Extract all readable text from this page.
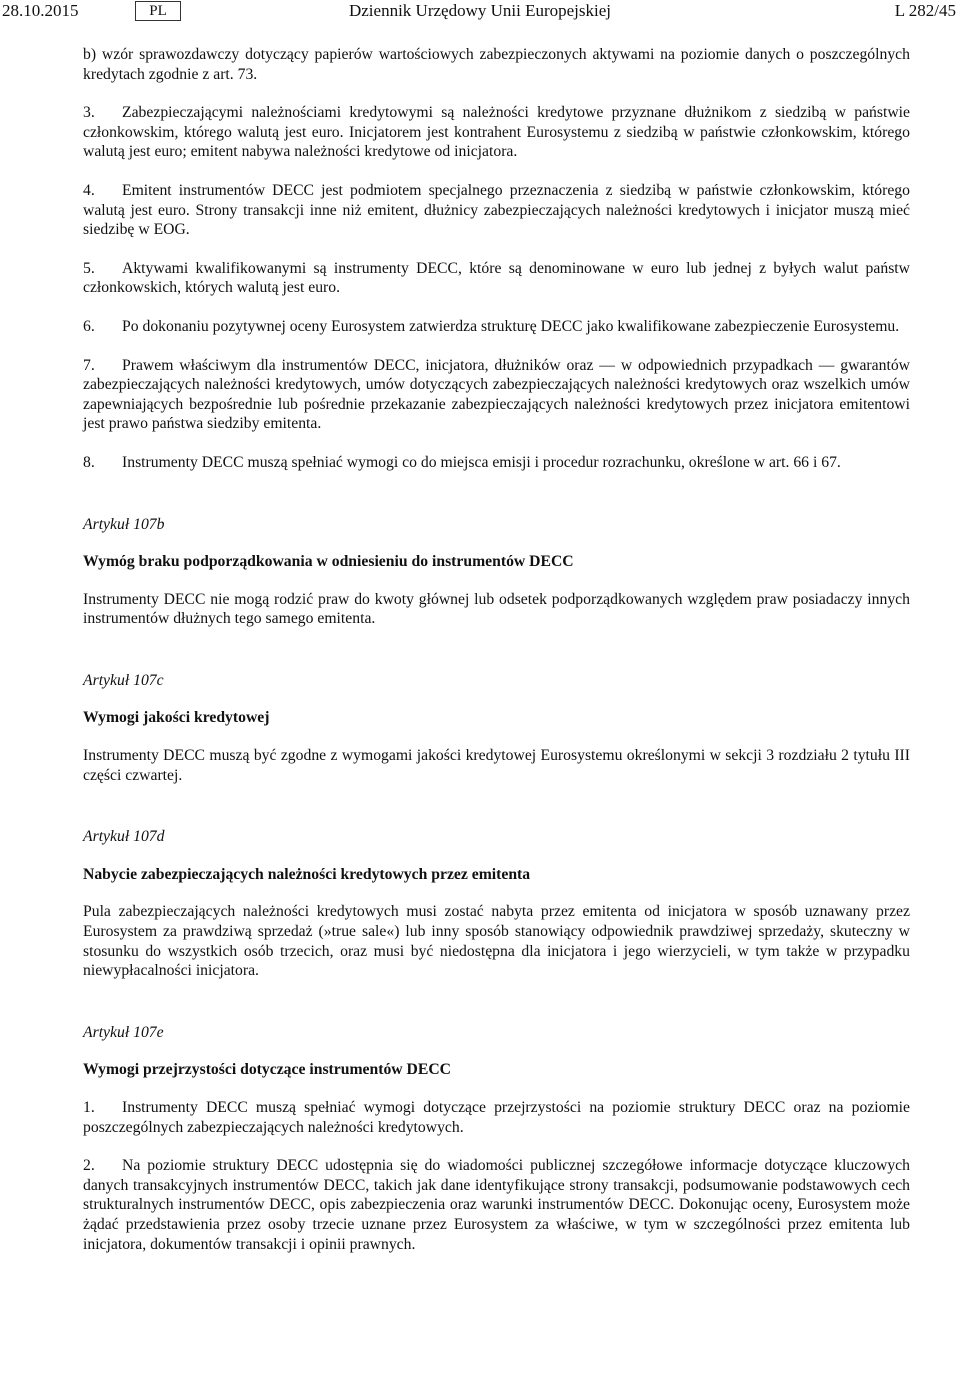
28.10.2015	PL	Dziennik Urzędowy Unii Europejskiej	L 282/45

b) wzór sprawozdawczy dotyczący papierów wartościowych zabezpieczonych aktywami na poziomie danych o poszczególnych kredytach zgodnie z art. 73.

3. Zabezpieczającymi należnościami kredytowymi są należności kredytowe przyznane dłużnikom z siedzibą w państwie członkowskim, którego walutą jest euro. Inicjatorem jest kontrahent Eurosystemu z siedzibą w państwie członkowskim, którego walutą jest euro; emitent nabywa należności kredytowe od inicjatora.

4. Emitent instrumentów DECC jest podmiotem specjalnego przeznaczenia z siedzibą w państwie członkowskim, którego walutą jest euro. Strony transakcji inne niż emitent, dłużnicy zabezpieczających należności kredytowych i inicjator muszą mieć siedzibę w EOG.

5. Aktywami kwalifikowanymi są instrumenty DECC, które są denominowane w euro lub jednej z byłych walut państw członkowskich, których walutą jest euro.

6. Po dokonaniu pozytywnej oceny Eurosystem zatwierdza strukturę DECC jako kwalifikowane zabezpieczenie Eurosystemu.

7. Prawem właściwym dla instrumentów DECC, inicjatora, dłużników oraz — w odpowiednich przypadkach — gwarantów zabezpieczających należności kredytowych, umów dotyczących zabezpieczających należności kredytowych oraz wszelkich umów zapewniających bezpośrednie lub pośrednie przekazanie zabezpieczających należności kredytowych przez inicjatora emitentowi jest prawo państwa siedziby emitenta.

8. Instrumenty DECC muszą spełniać wymogi co do miejsca emisji i procedur rozrachunku, określone w art. 66 i 67.

Artykuł 107b

Wymóg braku podporządkowania w odniesieniu do instrumentów DECC

Instrumenty DECC nie mogą rodzić praw do kwoty głównej lub odsetek podporządkowanych względem praw posiadaczy innych instrumentów dłużnych tego samego emitenta.

Artykuł 107c

Wymogi jakości kredytowej

Instrumenty DECC muszą być zgodne z wymogami jakości kredytowej Eurosystemu określonymi w sekcji 3 rozdziału 2 tytułu III części czwartej.

Artykuł 107d

Nabycie zabezpieczających należności kredytowych przez emitenta

Pula zabezpieczających należności kredytowych musi zostać nabyta przez emitenta od inicjatora w sposób uznawany przez Eurosystem za prawdziwą sprzedaż (»true sale«) lub inny sposób stanowiący odpowiednik prawdziwej sprzedaży, skuteczny w stosunku do wszystkich osób trzecich, oraz musi być niedostępna dla inicjatora i jego wierzycieli, w tym także w przypadku niewypłacalności inicjatora.

Artykuł 107e

Wymogi przejrzystości dotyczące instrumentów DECC

1. Instrumenty DECC muszą spełniać wymogi dotyczące przejrzystości na poziomie struktury DECC oraz na poziomie poszczególnych zabezpieczających należności kredytowych.

2. Na poziomie struktury DECC udostępnia się do wiadomości publicznej szczegółowe informacje dotyczące kluczowych danych transakcyjnych instrumentów DECC, takich jak dane identyfikujące strony transakcji, podsumowanie podstawowych cech strukturalnych instrumentów DECC, opis zabezpieczenia oraz warunki instrumentów DECC. Dokonując oceny, Eurosystem może żądać przedstawienia przez osoby trzecie uznane przez Eurosystem za właściwe, w tym w szczególności przez emitenta lub inicjatora, dokumentów transakcji i opinii prawnych.
